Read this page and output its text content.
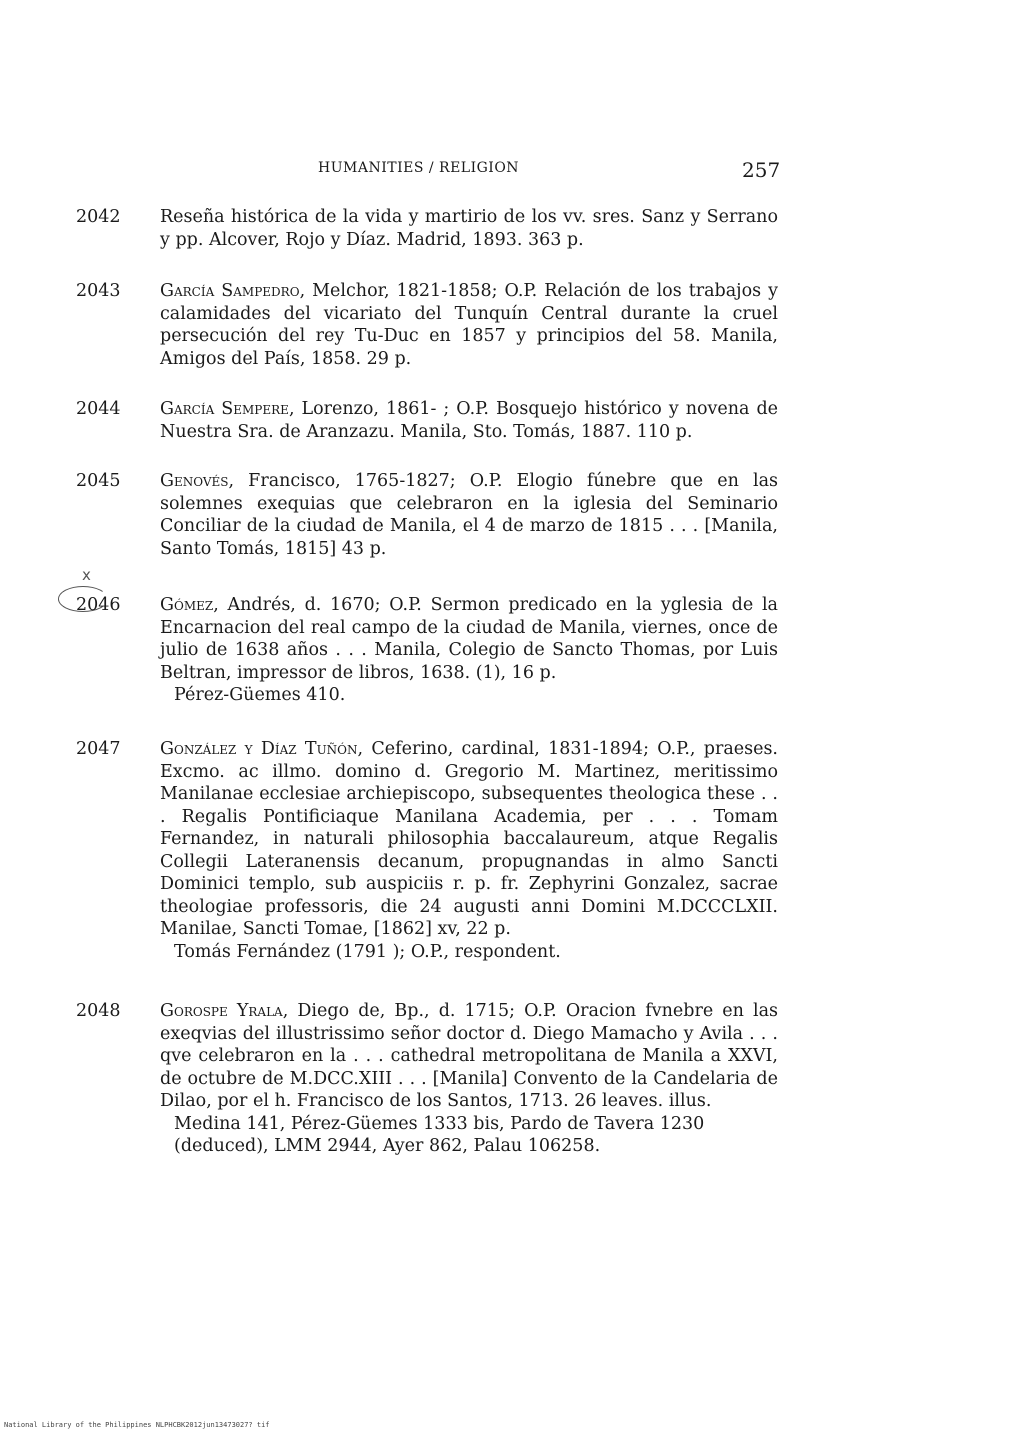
HUMANITIES / RELIGION	257
x
2042	Reseña histórica de la vida y martirio de los vv. sres. Sanz y Serrano y pp. Alcover, Rojo y Díaz. Madrid, 1893. 363 p.
2043	García Sampedro, Melchor, 1821-1858; O.P. Relación de los trabajos y calamidades del vicariato del Tunquín Central durante la cruel persecución del rey Tu-Duc en 1857 y principios del 58. Manila, Amigos del País, 1858. 29 p.
2044	García Sempere, Lorenzo, 1861- ; O.P. Bosquejo histórico y novena de Nuestra Sra. de Aranzazu. Manila, Sto. Tomás, 1887. 110 p.
2045	Genovés, Francisco, 1765-1827; O.P. Elogio fúnebre que en las solemnes exequias que celebraron en la iglesia del Seminario Conciliar de la ciudad de Manila, el 4 de marzo de 1815 . . . [Manila, Santo Tomás, 1815] 43 p.
2046	Gómez, Andrés, d. 1670; O.P. Sermon predicado en la yglesia de la Encarnacion del real campo de la ciudad de Manila, viernes, once de julio de 1638 años . . . Manila, Colegio de Sancto Thomas, por Luis Beltran, impressor de libros, 1638. (1), 16 p.
Pérez-Güemes 410.
2047	González y Díaz Tuñón, Ceferino, cardinal, 1831-1894; O.P., praeses. Excmo. ac illmo. domino d. Gregorio M. Martinez, meritissimo Manilanae ecclesiae archiepiscopo, subsequentes theologica these . . . Regalis Pontificiaque Manilana Academia, per . . . Tomam Fernandez, in naturali philosophia baccalaureum, atque Regalis Collegii Lateranensis decanum, propugnandas in almo Sancti Dominici templo, sub auspiciis r. p. fr. Zephyrini Gonzalez, sacrae theologiae professoris, die 24 augusti anni Domini M.DCCCLXII. Manilae, Sancti Tomae, [1862] xv, 22 p.
Tomás Fernández (1791 ); O.P., respondent.
2048	Gorospe Yrala, Diego de, Bp., d. 1715; O.P. Oracion fvnebre en las exeqvias del illustrissimo señor doctor d. Diego Mamacho y Avila . . . qve celebraron en la . . . cathedral metropolitana de Manila a XXVI, de octubre de M.DCC.XIII . . . [Manila] Convento de la Candelaria de Dilao, por el h. Francisco de los Santos, 1713. 26 leaves. illus.
Medina 141, Pérez-Güemes 1333 bis, Pardo de Tavera 1230 (deduced), LMM 2944, Ayer 862, Palau 106258.
National Library of the Philippines NLPHCBK2012jun13473027? tif
